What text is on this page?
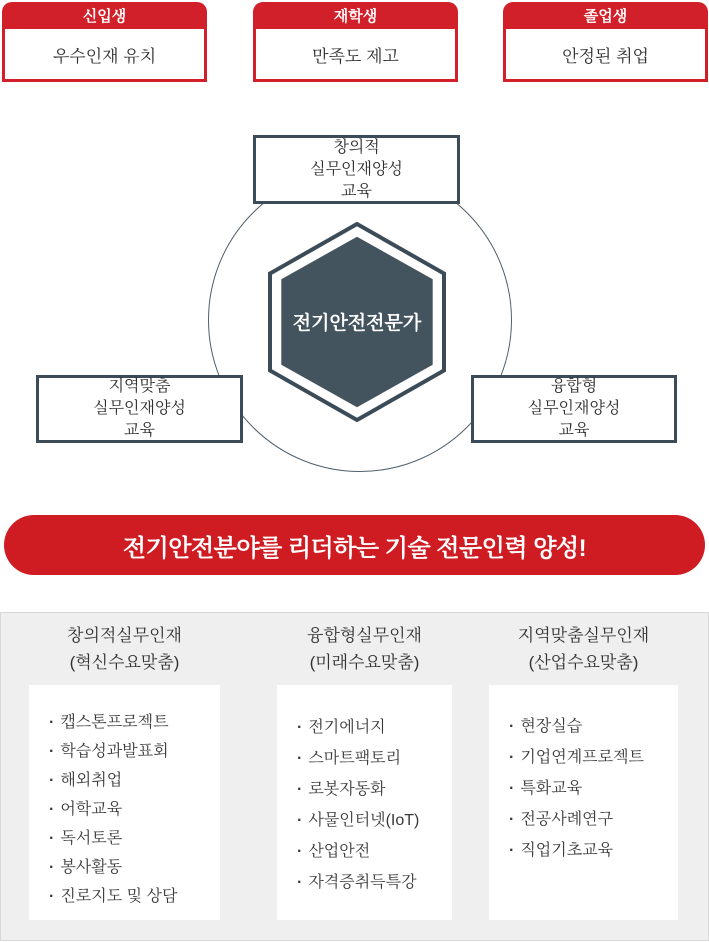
신입생
우수인재 유치
재학생
만족도 제고
졸업생
안정된 취업
전기안전전문가
창의적
실무인재양성
교육
지역맞춤
실무인재양성
교육
융합형
실무인재양성
교육
전기안전분야를 리더하는 기술 전문인력 양성!
창의적실무인재
(혁신수요맞춤)
융합형실무인재
(미래수요맞춤)
지역맞춤실무인재
(산업수요맞춤)
· 캡스톤프로젝트
· 학습성과발표회
· 해외취업
· 어학교육
· 독서토론
· 봉사활동
· 진로지도 및 상담
· 전기에너지
· 스마트팩토리
· 로봇자동화
· 사물인터넷(IoT)
· 산업안전
· 자격증취득특강
· 현장실습
· 기업연계프로젝트
· 특화교육
· 전공사례연구
· 직업기초교육
